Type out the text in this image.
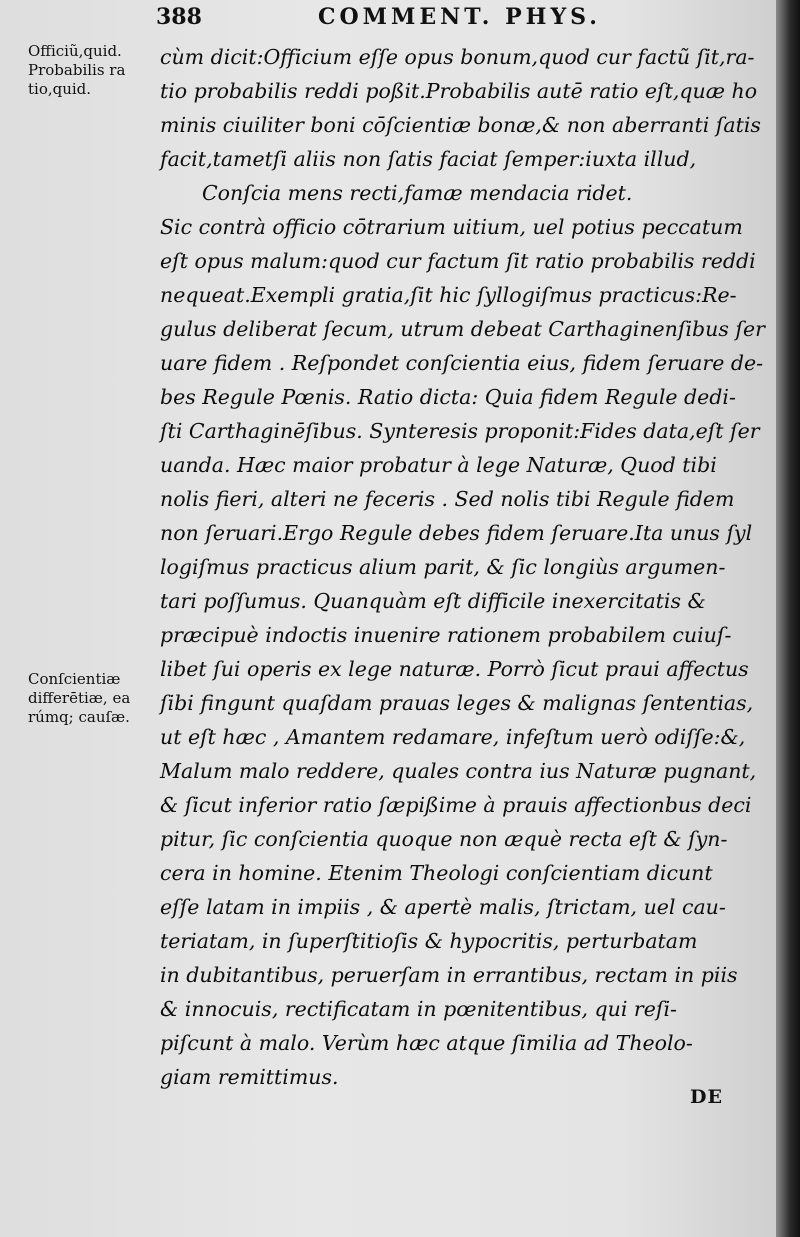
388	COMMENT. PHYS.
Officiũ,quid.
Probabilis ra
tio,quid.
Conſcientiæ
differētiæ, ea
rúmq; cauſæ.
cùm dicit:Officium eſſe opus bonum,quod cur factũ ſit,ra-
tio probabilis reddi poßit.Probabilis autē ratio eſt,quæ ho
minis ciuiliter boni cōſcientiæ bonæ,& non aberranti ſatis
facit,tametſi aliis non ſatis faciat ſemper:iuxta illud,
Conſcia mens recti,famæ mendacia ridet.
Sic contrà officio cōtrarium uitium, uel potius peccatum
eſt opus malum:quod cur factum ſit ratio probabilis reddi
nequeat.Exempli gratia,ſit hic ſyllogiſmus practicus:Re-
gulus deliberat ſecum, utrum debeat Carthaginenſibus ſer
uare fidem . Reſpondet conſcientia eius, fidem ſeruare de-
bes Regule Pœnis. Ratio dicta: Quia fidem Regule dedi-
ſti Carthaginēſibus. Synteresis proponit:Fides data,eſt ſer
uanda. Hæc maior probatur à lege Naturæ, Quod tibi
nolis fieri, alteri ne feceris . Sed nolis tibi Regule fidem
non ſeruari.Ergo Regule debes fidem ſeruare.Ita unus ſyl
logiſmus practicus alium parit, & ſic longiùs argumen-
tari poſſumus. Quanquàm eſt difficile inexercitatis &
præcipuè indoctis inuenire rationem probabilem cuiuſ-
libet ſui operis ex lege naturæ. Porrò ſicut praui affectus
ſibi fingunt quaſdam prauas leges & malignas ſententias,
ut eſt hæc , Amantem redamare, infeſtum uerò odiſſe:&,
Malum malo reddere, quales contra ius Naturæ pugnant,
& ſicut inferior ratio ſæpißime à prauis affectionbus deci
pitur, ſic conſcientia quoque non æquè recta eſt & ſyn-
cera in homine. Etenim Theologi conſcientiam dicunt
eſſe latam in impiis , & apertè malis, ſtrictam, uel cau-
teriatam, in ſuperſtitioſis & hypocritis, perturbatam
in dubitantibus, peruerſam in errantibus, rectam in piis
& innocuis, rectificatam in pœnitentibus, qui reſi-
piſcunt à malo. Verùm hæc atque ſimilia ad Theolo-
giam remittimus.
DE
